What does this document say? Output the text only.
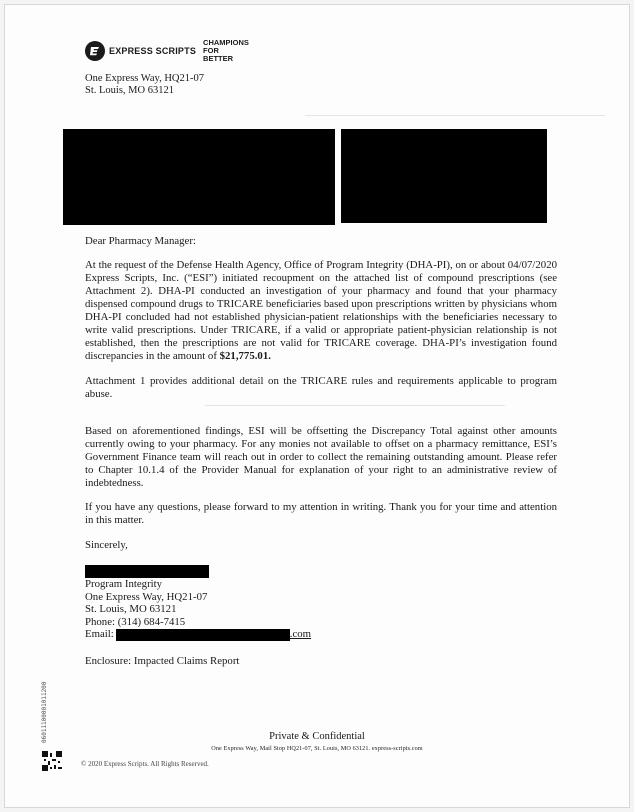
EXPRESS SCRIPTS
CHAMPIONS
FOR
BETTER
One Express Way, HQ21-07
St. Louis, MO 63121
Dear Pharmacy Manager:

At the request of the Defense Health Agency, Office of Program Integrity (DHA-PI), on or about 04/07/2020 Express Scripts, Inc. (“ESI”) initiated recoupment on the attached list of compound prescriptions (see Attachment 2). DHA-PI conducted an investigation of your pharmacy and found that your pharmacy dispensed compound drugs to TRICARE beneficiaries based upon prescriptions written by physicians whom DHA-PI concluded had not established physician-patient relationships with the beneficiaries necessary to write valid prescriptions. Under TRICARE, if a valid or appropriate patient-physician relationship is not established, then the prescriptions are not valid for TRICARE coverage. DHA-PI’s investigation found discrepancies in the amount of $21,775.01.

Attachment 1 provides additional detail on the TRICARE rules and requirements applicable to program abuse.
Based on aforementioned findings, ESI will be offsetting the Discrepancy Total against other amounts currently owing to your pharmacy. For any monies not available to offset on a pharmacy remittance, ESI’s Government Finance team will reach out in order to collect the remaining outstanding amount. Please refer to Chapter 10.1.4 of the Provider Manual for explanation of your right to an administrative review of indebtedness.
If you have any questions, please forward to my attention in writing. Thank you for your time and attention in this matter.
Sincerely,
Program Integrity
One Express Way, HQ21-07
St. Louis, MO 63121
Phone: (314) 684-7415
Email:	.com
Enclosure: Impacted Claims Report
06011100001011200	Private & Confidential
One Express Way, Mail Stop HQ21-07, St. Louis, MO 63121. express-scripts.com
© 2020 Express Scripts. All Rights Reserved.
